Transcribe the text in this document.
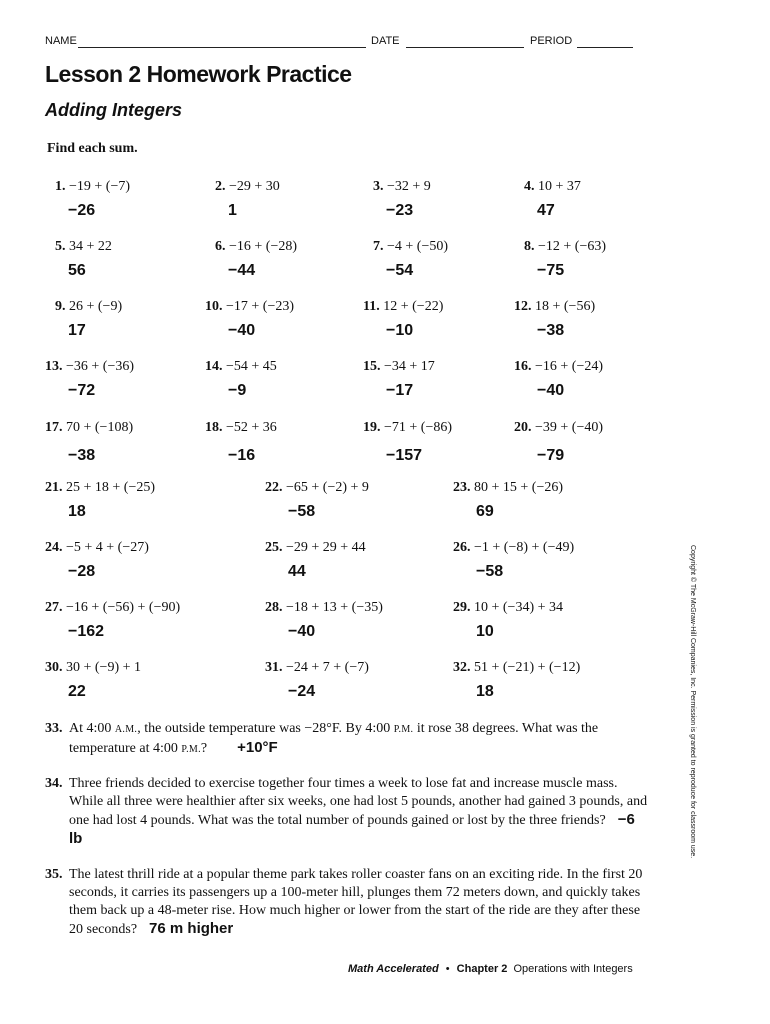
NAME	DATE	PERIOD
Lesson 2 Homework Practice
Adding Integers
Find each sum.
1. −19 + (−7)
−26
2. −29 + 30
1
3. −32 + 9
−23
4. 10 + 37
47
5. 34 + 22
56
6. −16 + (−28)
−44
7. −4 + (−50)
−54
8. −12 + (−63)
−75
9. 26 + (−9)
17
10. −17 + (−23)
−40
11. 12 + (−22)
−10
12. 18 + (−56)
−38
13. −36 + (−36)
−72
14. −54 + 45
−9
15. −34 + 17
−17
16. −16 + (−24)
−40
17. 70 + (−108)
−38
18. −52 + 36
−16
19. −71 + (−86)
−157
20. −39 + (−40)
−79
21. 25 + 18 + (−25)
18
22. −65 + (−2) + 9
−58
23. 80 + 15 + (−26)
69
24. −5 + 4 + (−27)
−28
25. −29 + 29 + 44
44
26. −1 + (−8) + (−49)
−58
27. −16 + (−56) + (−90)
−162
28. −18 + 13 + (−35)
−40
29. 10 + (−34) + 34
10
30. 30 + (−9) + 1
22
31. −24 + 7 + (−7)
−24
32. 51 + (−21) + (−12)
18
33. At 4:00 A.M., the outside temperature was −28°F. By 4:00 P.M. it rose 38 degrees. What was the temperature at 4:00 P.M.? +10°F
34. Three friends decided to exercise together four times a week to lose fat and increase muscle mass. While all three were healthier after six weeks, one had lost 5 pounds, another had gained 3 pounds, and one had lost 4 pounds. What was the total number of pounds gained or lost by the three friends? −6 lb
35. The latest thrill ride at a popular theme park takes roller coaster fans on an exciting ride. In the first 20 seconds, it carries its passengers up a 100-meter hill, plunges them 72 meters down, and quickly takes them back up a 48-meter rise. How much higher or lower from the start of the ride are they after these 20 seconds? 76 m higher
Copyright © The McGraw-Hill Companies, Inc. Permission is granted to reproduce for classroom use.
Math Accelerated • Chapter 2 Operations with Integers
